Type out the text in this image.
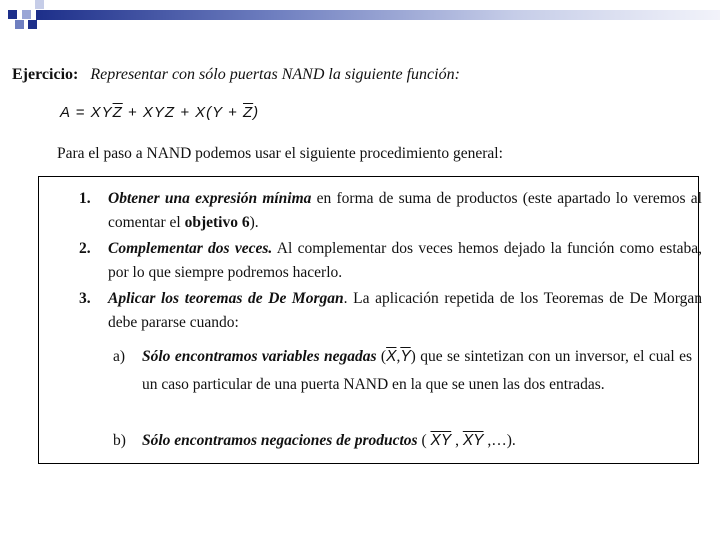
Ejercicio: Representar con sólo puertas NAND la siguiente función:
$A = XY\overline{Z}$ + XYZ + $X(Y + \overline{Z})$
Para el paso a NAND podemos usar el siguiente procedimiento general:
1. Obtener una expresión mínima en forma de suma de productos (este apartado lo veremos al comentar el objetivo 6).
2. Complementar dos veces. Al complementar dos veces hemos dejado la función como estaba, por lo que siempre podremos hacerlo.
3. Aplicar los teoremas de De Morgan. La aplicación repetida de los Teoremas de De Morgan debe pararse cuando:
a) Sólo encontramos variables negadas $(\overline{X},\overline{Y})$ que se sintetizan con un inversor, el cual es un caso particular de una puerta NAND en la que se unen las dos entradas.
b) Sólo encontramos negaciones de productos ( $\overline{XY}$ , $\overline{XY}$ ,…).
